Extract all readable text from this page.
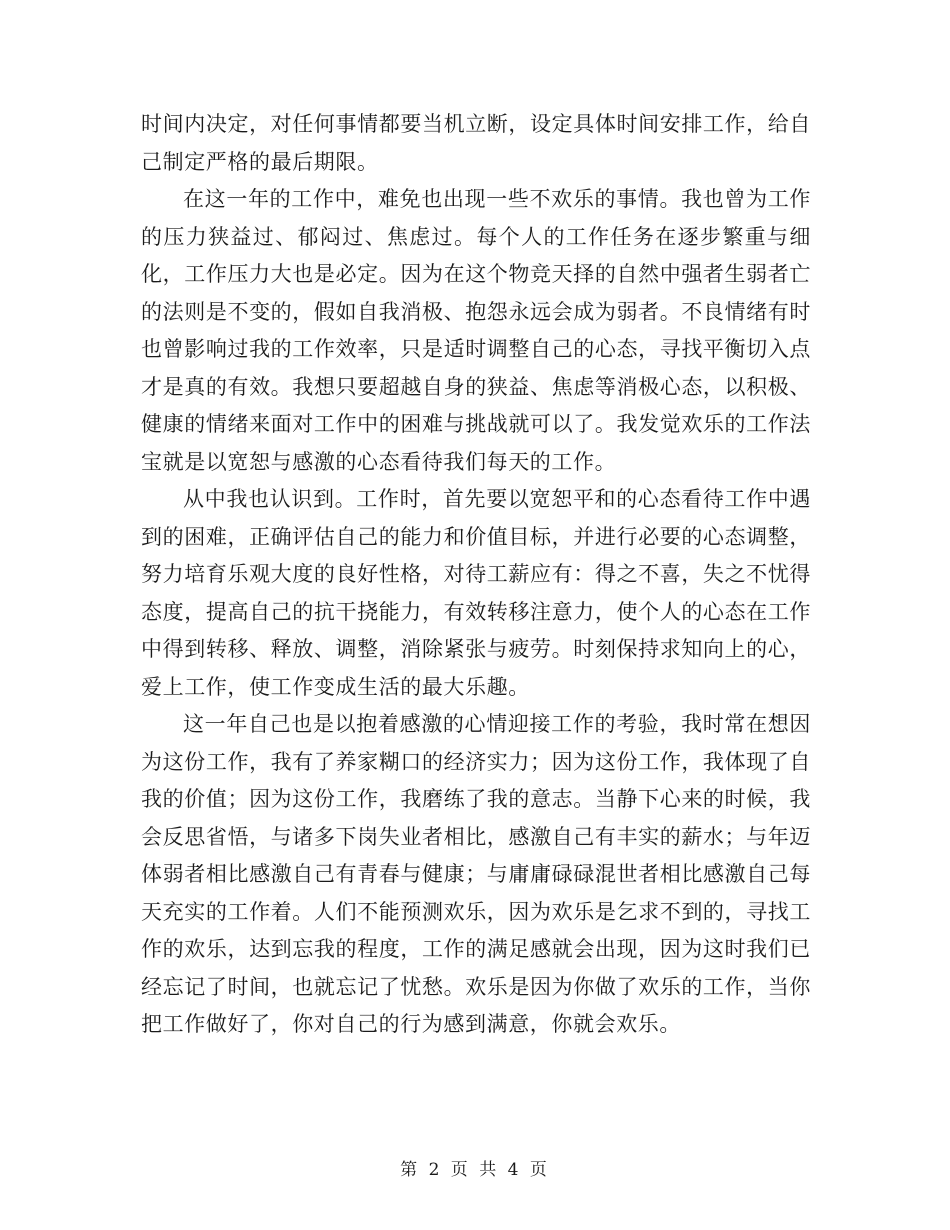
时间内决定，对任何事情都要当机立断，设定具体时间安排工作，给自己制定严格的最后期限。

在这一年的工作中，难免也出现一些不欢乐的事情。我也曾为工作的压力狭益过、郁闷过、焦虑过。每个人的工作任务在逐步繁重与细化，工作压力大也是必定。因为在这个物竞天择的自然中强者生弱者亡的法则是不变的，假如自我消极、抱怨永远会成为弱者。不良情绪有时也曾影响过我的工作效率，只是适时调整自己的心态，寻找平衡切入点才是真的有效。我想只要超越自身的狭益、焦虑等消极心态，以积极、健康的情绪来面对工作中的困难与挑战就可以了。我发觉欢乐的工作法宝就是以宽恕与感激的心态看待我们每天的工作。

从中我也认识到。工作时，首先要以宽恕平和的心态看待工作中遇到的困难，正确评估自己的能力和价值目标，并进行必要的心态调整，努力培育乐观大度的良好性格，对待工薪应有：得之不喜，失之不忧得态度，提高自己的抗干挠能力，有效转移注意力，使个人的心态在工作中得到转移、释放、调整，消除紧张与疲劳。时刻保持求知向上的心，爱上工作，使工作变成生活的最大乐趣。

这一年自己也是以抱着感激的心情迎接工作的考验，我时常在想因为这份工作，我有了养家糊口的经济实力；因为这份工作，我体现了自我的价值；因为这份工作，我磨练了我的意志。当静下心来的时候，我会反思省悟，与诸多下岗失业者相比，感激自己有丰实的薪水；与年迈体弱者相比感激自己有青春与健康；与庸庸碌碌混世者相比感激自己每天充实的工作着。人们不能预测欢乐，因为欢乐是乞求不到的，寻找工作的欢乐，达到忘我的程度，工作的满足感就会出现，因为这时我们已经忘记了时间，也就忘记了忧愁。欢乐是因为你做了欢乐的工作，当你把工作做好了，你对自己的行为感到满意，你就会欢乐。

第 2 页 共 4 页
